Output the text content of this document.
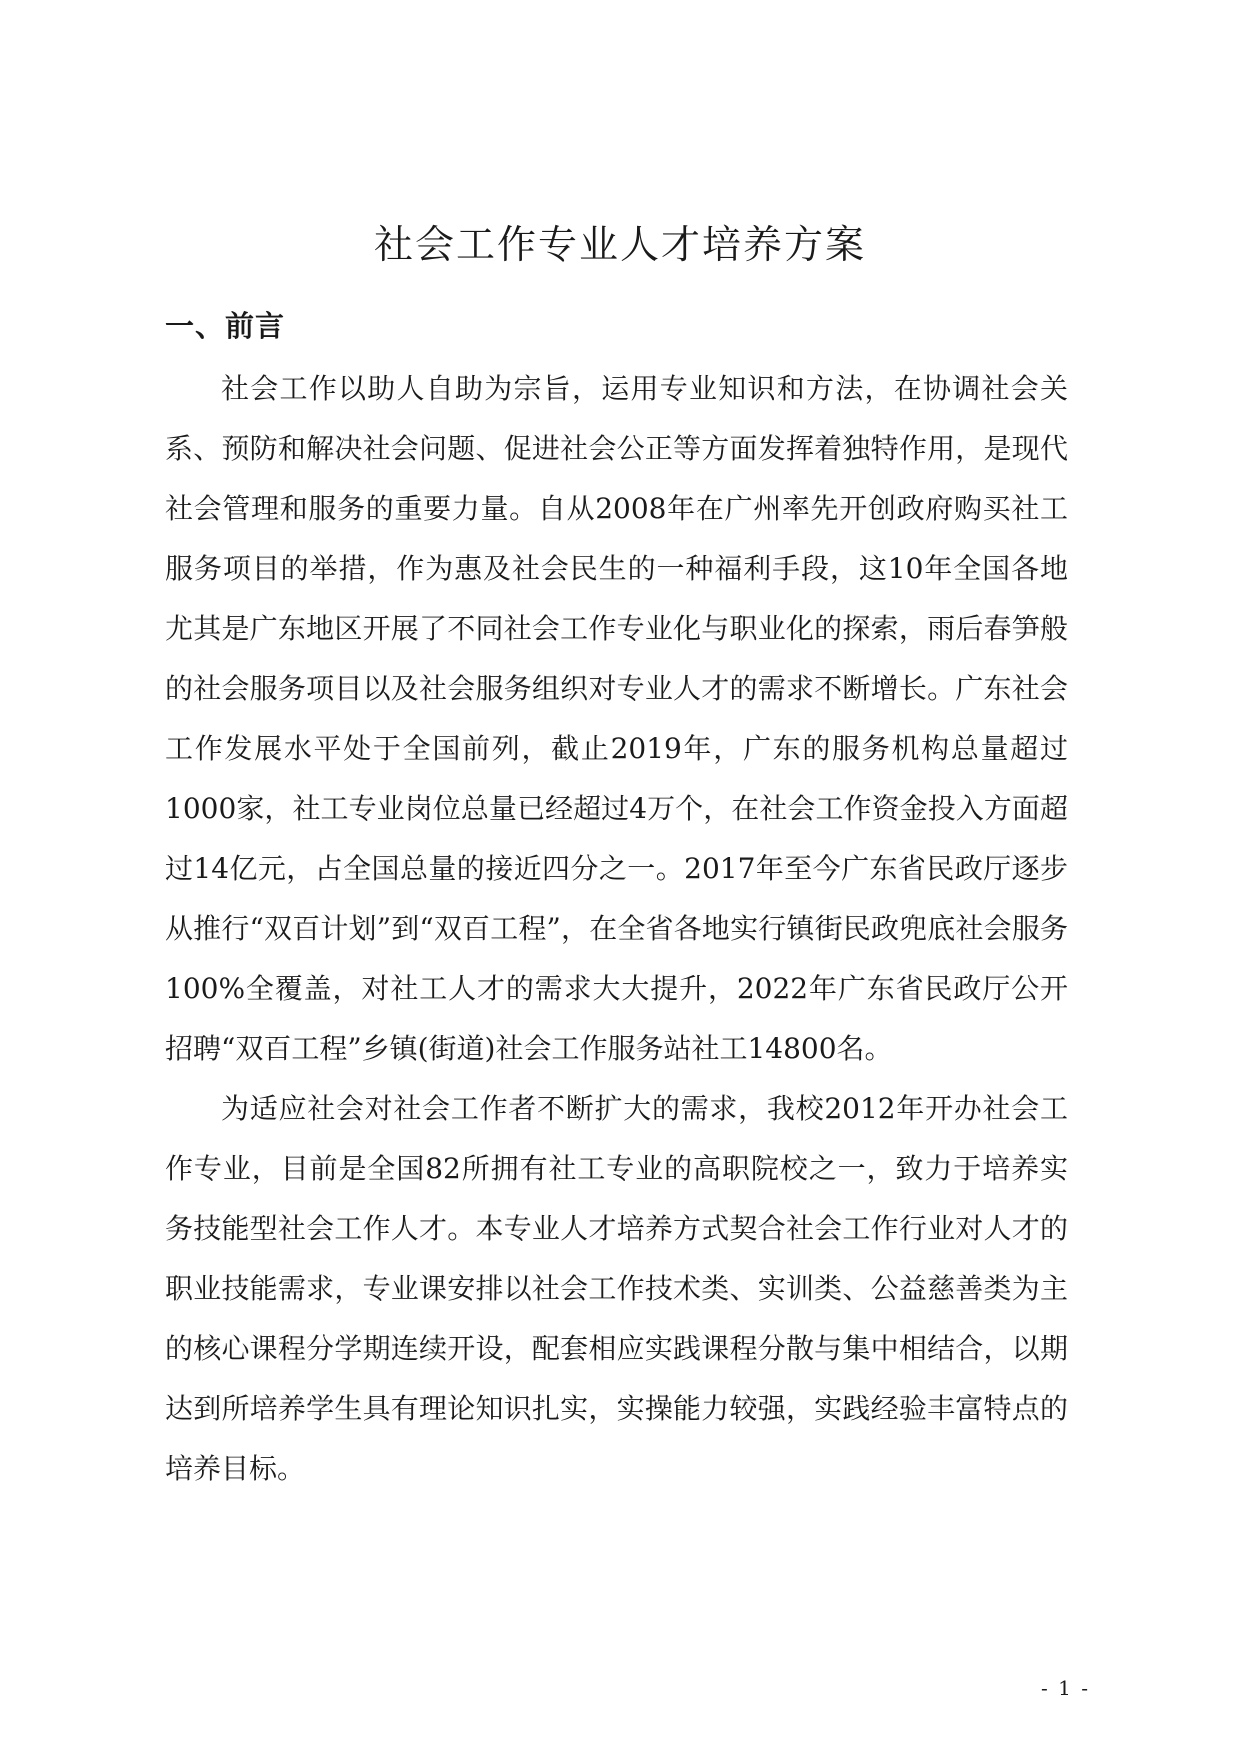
社会工作专业人才培养方案
一、前言

社会工作以助人自助为宗旨，运用专业知识和方法，在协调社会关系、预防和解决社会问题、促进社会公正等方面发挥着独特作用，是现代社会管理和服务的重要力量。自从2008年在广州率先开创政府购买社工服务项目的举措，作为惠及社会民生的一种福利手段，这10年全国各地尤其是广东地区开展了不同社会工作专业化与职业化的探索，雨后春笋般的社会服务项目以及社会服务组织对专业人才的需求不断增长。广东社会工作发展水平处于全国前列，截止2019年，广东的服务机构总量超过1000家，社工专业岗位总量已经超过4万个，在社会工作资金投入方面超过14亿元，占全国总量的接近四分之一。2017年至今广东省民政厅逐步从推行“双百计划”到“双百工程”，在全省各地实行镇街民政兜底社会服务100%全覆盖，对社工人才的需求大大提升，2022年广东省民政厅公开招聘“双百工程”乡镇(街道)社会工作服务站社工14800名。

为适应社会对社会工作者不断扩大的需求，我校2012年开办社会工作专业，目前是全国82所拥有社工专业的高职院校之一，致力于培养实务技能型社会工作人才。本专业人才培养方式契合社会工作行业对人才的职业技能需求，专业课安排以社会工作技术类、实训类、公益慈善类为主的核心课程分学期连续开设，配套相应实践课程分散与集中相结合，以期达到所培养学生具有理论知识扎实，实操能力较强，实践经验丰富特点的培养目标。

- 1 -
